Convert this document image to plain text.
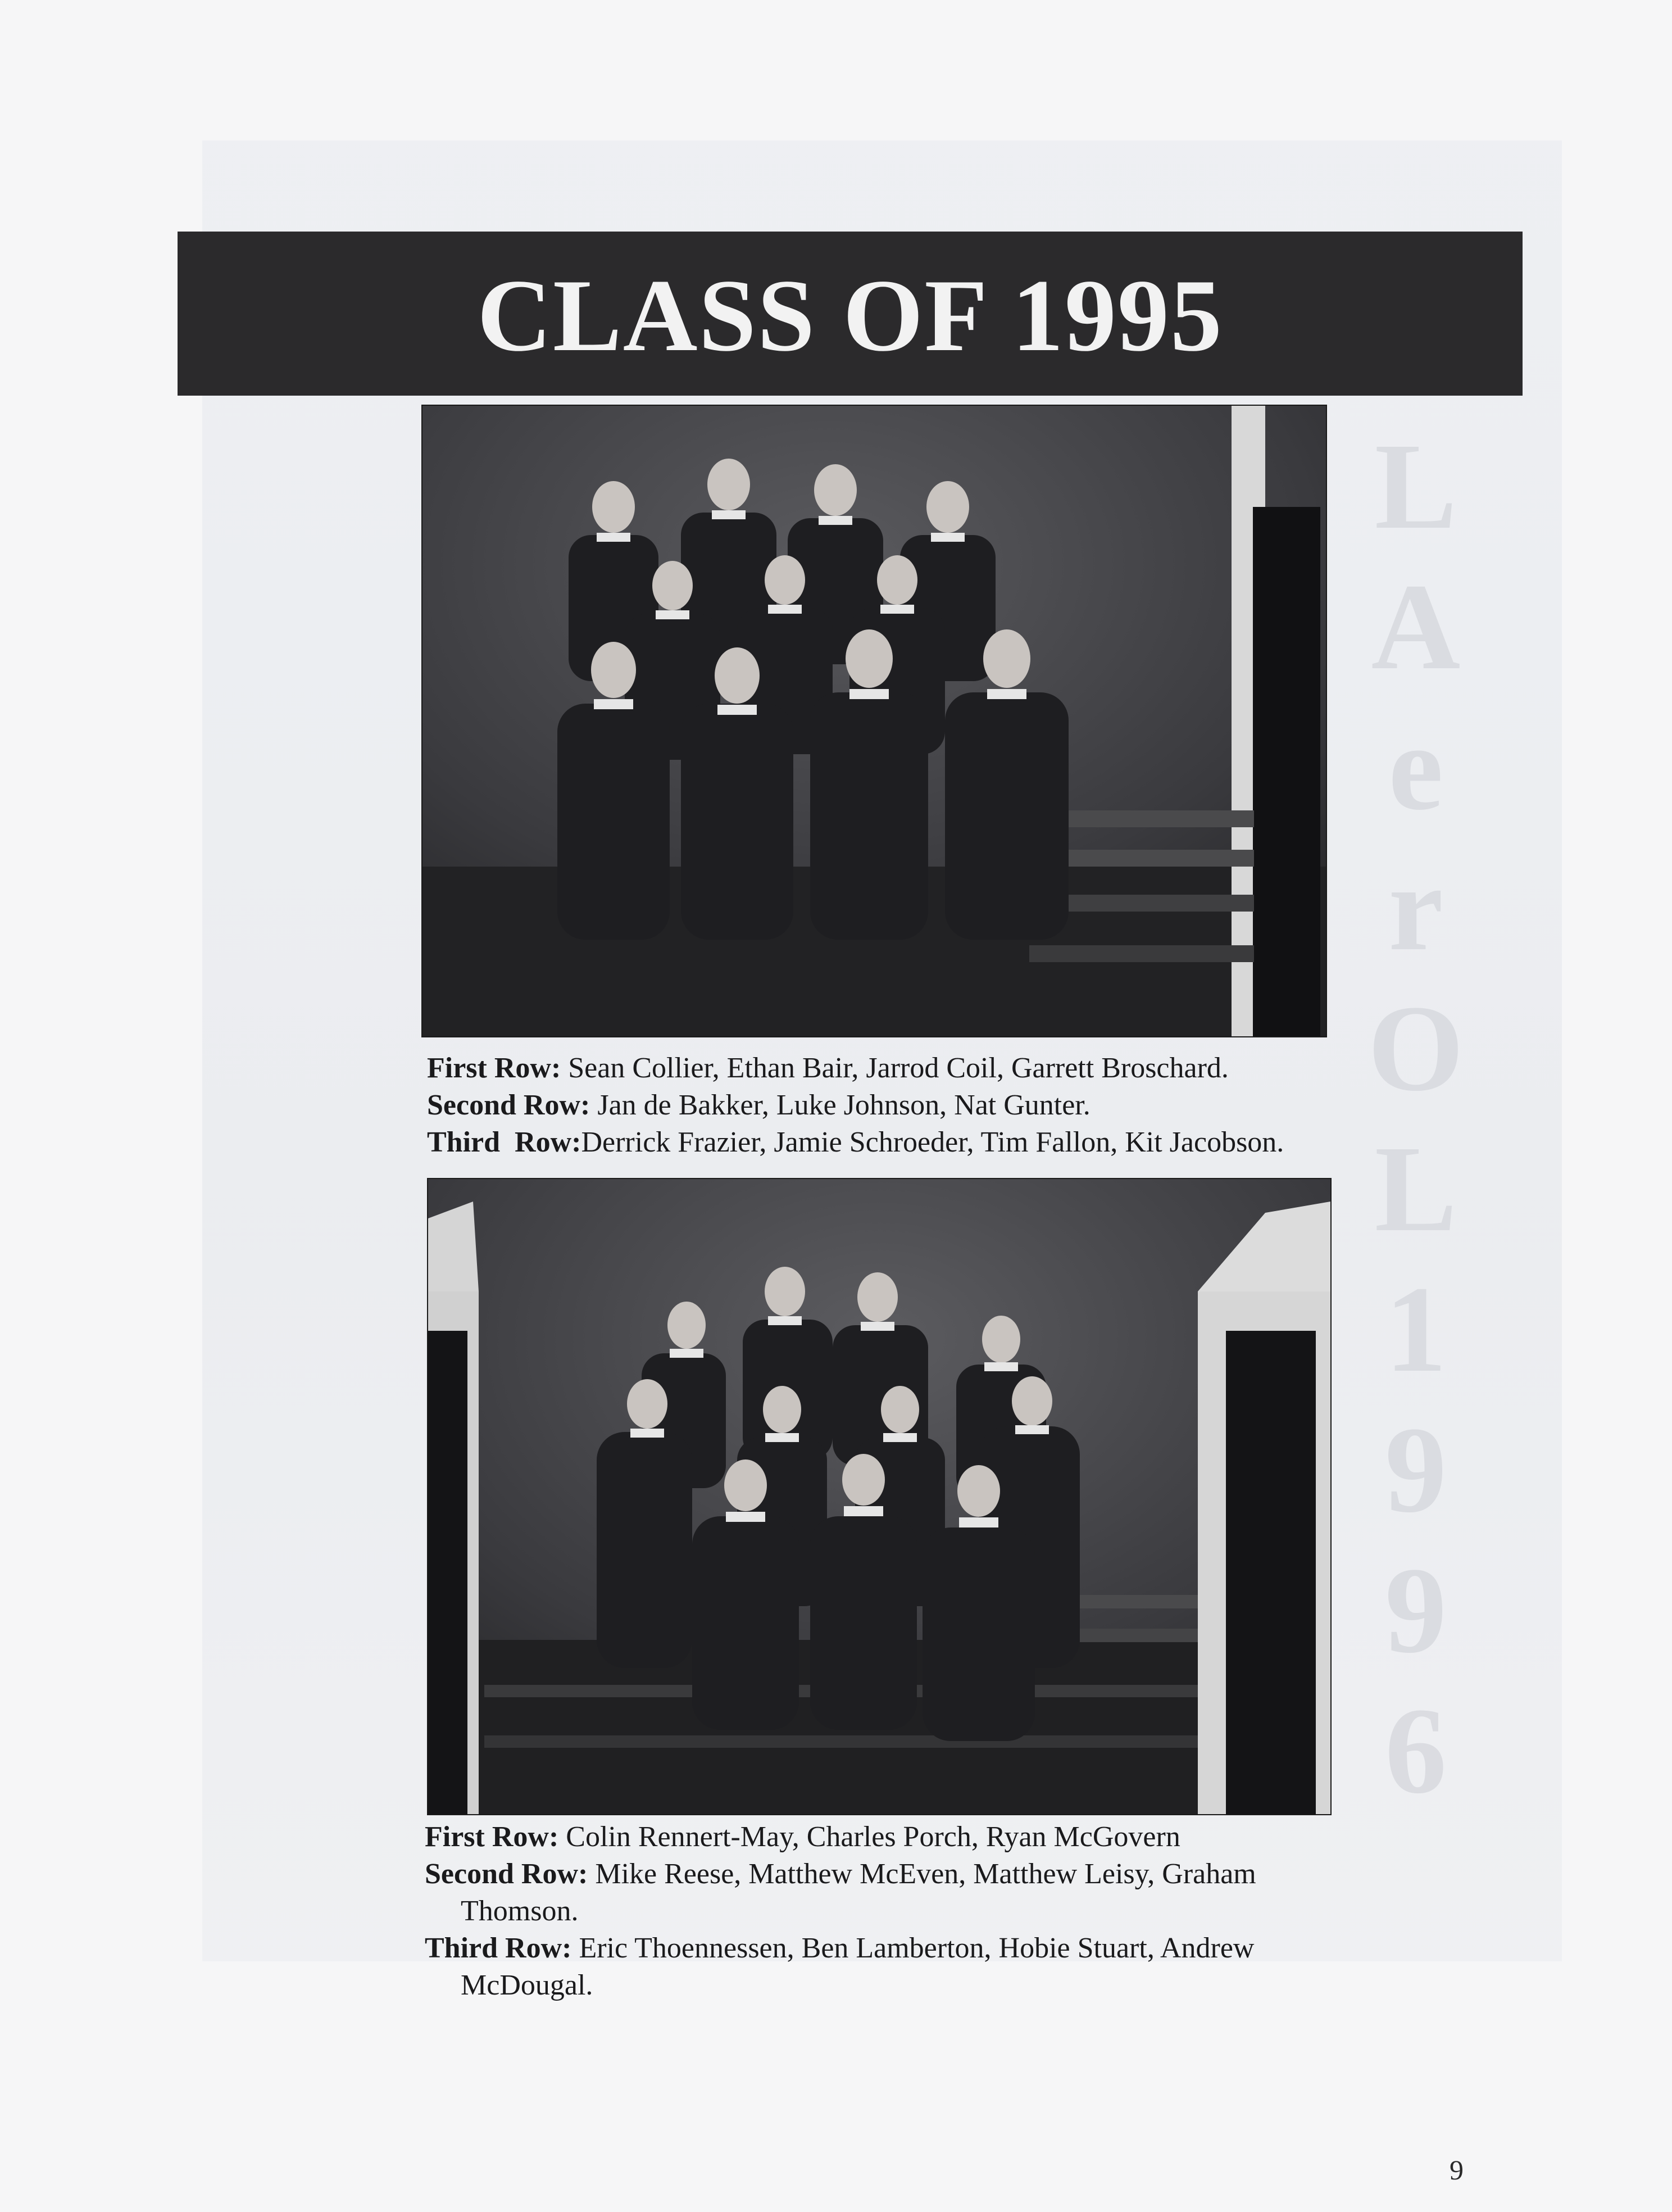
L
A
e
r
O
L
1
9
9
6
CLASS OF 1995

First Row: Sean Collier, Ethan Bair, Jarrod Coil, Garrett Broschard.

Second Row: Jan de Bakker, Luke Johnson, Nat Gunter.

Third  Row:Derrick Frazier, Jamie Schroeder, Tim Fallon, Kit Jacobson.

First Row: Colin Rennert-May, Charles Porch, Ryan McGovern

Second Row: Mike Reese, Matthew McEven, Matthew Leisy, Graham

Thomson.

Third Row: Eric Thoennessen, Ben Lamberton, Hobie Stuart, Andrew

McDougal.

9
